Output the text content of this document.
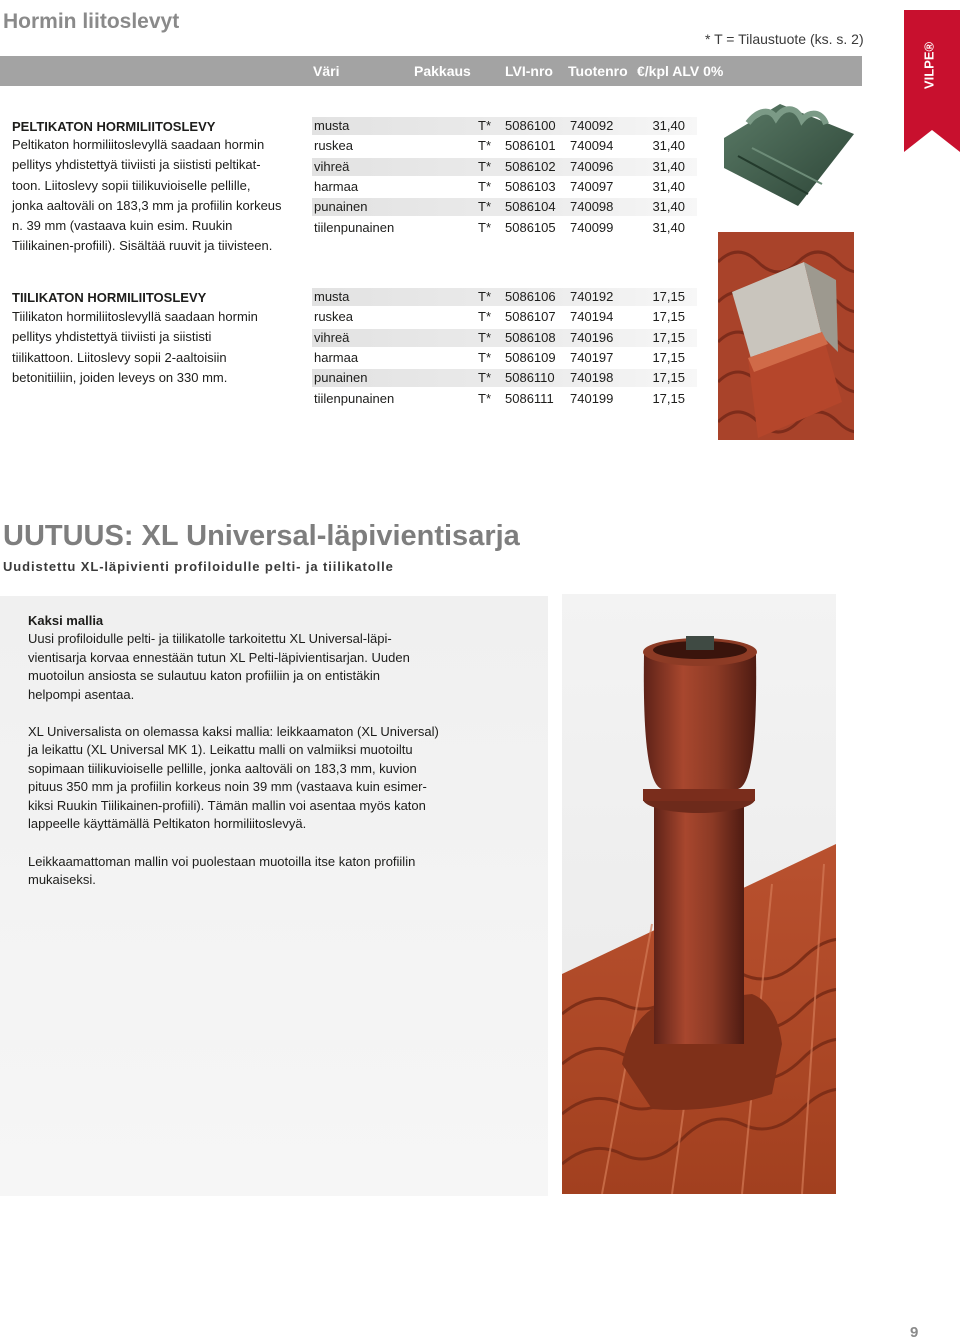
Hormin liitoslevyt
* T = Tilaustuote (ks. s. 2)
Väri	Pakkaus LVI-nro Tuotenro €/kpl ALV 0%	VILPE®
PELTIKATON HORMILIITOSLEVY
Peltikaton hormiliitoslevyllä saadaan hormin
pellitys yhdistettyä tiiviisti ja siististi peltikat-
toon. Liitoslevy sopii tiilikuvioiselle pellille,
jonka aaltoväli on 183,3 mm ja profiilin korkeus
n. 39 mm (vastaava kuin esim. Ruukin
Tiilikainen-profiili). Sisältää ruuvit ja tiivisteen.
musta	T* 5086100 740092	31,40
ruskea	T* 5086101 740094	31,40
vihreä	T* 5086102 740096	31,40
harmaa	T* 5086103 740097	31,40
punainen	T* 5086104 740098	31,40
tiilenpunainen	T* 5086105 740099	31,40
TIILIKATON HORMILIITOSLEVY
Tiilikaton hormiliitoslevyllä saadaan hormin
pellitys yhdistettyä tiiviisti ja siististi
tiilikattoon. Liitoslevy sopii 2-aaltoisiin
betonitiiliin, joiden leveys on 330 mm.
musta	T* 5086106 740192	17,15
ruskea	T* 5086107 740194	17,15
vihreä	T* 5086108 740196	17,15
harmaa	T* 5086109 740197	17,15
punainen	T* 5086110 740198	17,15
tiilenpunainen	T* 5086111 740199	17,15
UUTUUS: XL Universal-läpivientisarja
Uudistettu XL-läpivienti profiloidulle pelti- ja tiilikatolle
Kaksi mallia
Uusi profiloidulle pelti- ja tiilikatolle tarkoitettu XL Universal-läpi-
vientisarja korvaa ennestään tutun XL Pelti-läpivientisarjan. Uuden
muotoilun ansiosta se sulautuu katon profiiliin ja on entistäkin
helpompi asentaa.
XL Universalista on olemassa kaksi mallia: leikkaamaton (XL Universal)
ja leikattu (XL Universal MK 1). Leikattu malli on valmiiksi muotoiltu
sopimaan tiilikuvioiselle pellille, jonka aaltoväli on 183,3 mm, kuvion
pituus 350 mm ja profiilin korkeus noin 39 mm (vastaava kuin esimer-
kiksi Ruukin Tiilikainen-profiili). Tämän mallin voi asentaa myös katon
lappeelle käyttämällä Peltikaton hormiliitoslevyä.
Leikkaamattoman mallin voi puolestaan muotoilla itse katon profiilin
mukaiseksi.
9
